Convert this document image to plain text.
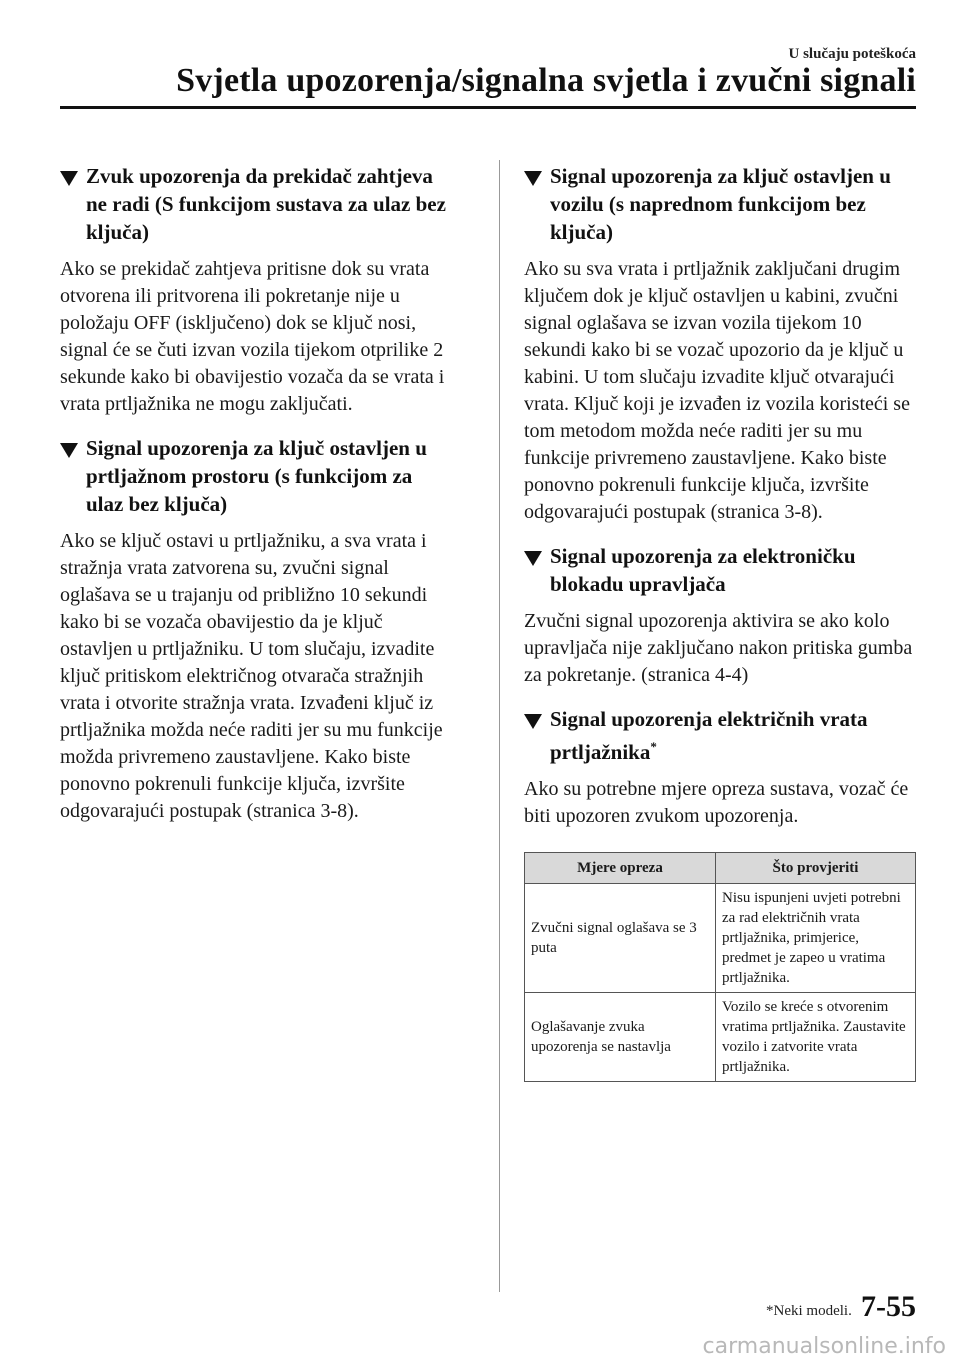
U slučaju poteškoća
Svjetla upozorenja/signalna svjetla i zvučni signali
Zvuk upozorenja da prekidač zahtjeva ne radi (S funkcijom sustava za ulaz bez ključa)

Ako se prekidač zahtjeva pritisne dok su vrata otvorena ili pritvorena ili pokretanje nije u položaju OFF (isključeno) dok se ključ nosi, signal će se čuti izvan vozila tijekom otprilike 2 sekunde kako bi obavijestio vozača da se vrata i vrata prtljažnika ne mogu zaključati.

Signal upozorenja za ključ ostavljen u prtljažnom prostoru (s funkcijom za ulaz bez ključa)

Ako se ključ ostavi u prtljažniku, a sva vrata i stražnja vrata zatvorena su, zvučni signal oglašava se u trajanju od približno 10 sekundi kako bi se vozača obavijestio da je ključ ostavljen u prtljažniku. U tom slučaju, izvadite ključ pritiskom električnog otvarača stražnjih vrata i otvorite stražnja vrata. Izvađeni ključ iz prtljažnika možda neće raditi jer su mu funkcije možda privremeno zaustavljene. Kako biste ponovno pokrenuli funkcije ključa, izvršite odgovarajući postupak (stranica 3-8).

Signal upozorenja za ključ ostavljen u vozilu (s naprednom funkcijom bez ključa)

Ako su sva vrata i prtljažnik zaključani drugim ključem dok je ključ ostavljen u kabini, zvučni signal oglašava se izvan vozila tijekom 10 sekundi kako bi se vozač upozorio da je ključ u kabini. U tom slučaju izvadite ključ otvarajući vrata. Ključ koji je izvađen iz vozila koristeći se tom metodom možda neće raditi jer su mu funkcije privremeno zaustavljene. Kako biste ponovno pokrenuli funkcije ključa, izvršite odgovarajući postupak (stranica 3-8).

Signal upozorenja za elektroničku blokadu upravljača

Zvučni signal upozorenja aktivira se ako kolo upravljača nije zaključano nakon pritiska gumba za pokretanje. (stranica 4-4)

Signal upozorenja električnih vrata prtljažnika*

Ako su potrebne mjere opreza sustava, vozač će biti upozoren zvukom upozorenja.

Mjere opreza	Što provjeriti
Zvučni signal oglašava se 3 puta	Nisu ispunjeni uvjeti potrebni za rad električnih vrata prtljažnika, primjerice, predmet je zapeo u vratima prtljažnika.
Oglašavanje zvuka upozorenja se nastavlja	Vozilo se kreće s otvorenim vratima prtljažnika. Zaustavite vozilo i zatvorite vrata prtljažnika.
*Neki modeli. 7-55
carmanualsonline.info
